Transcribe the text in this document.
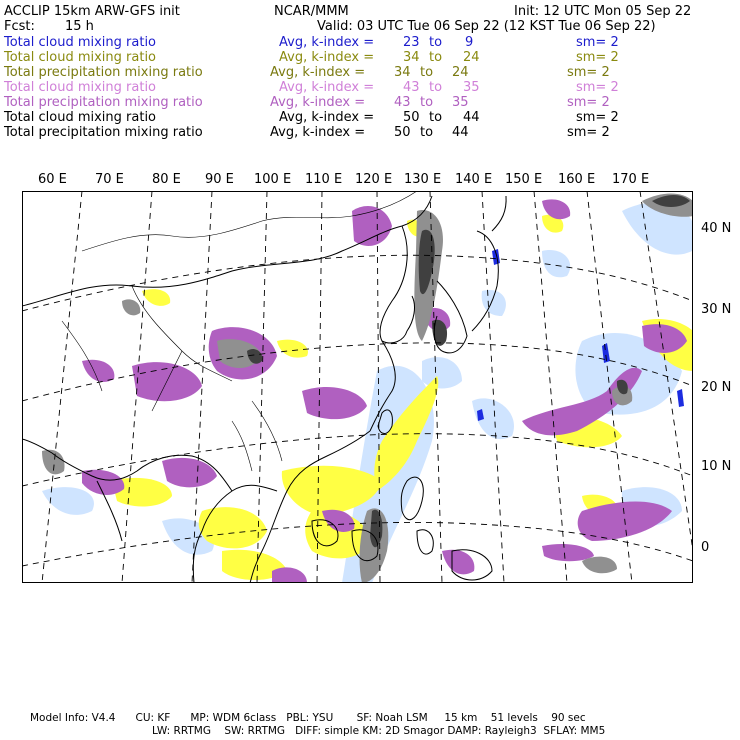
ACCLIP 15km ARW-GFS init	NCAR/MMM	Init: 12 UTC Mon 05 Sep 22
Fcst: 15 h	Valid: 03 UTC Tue 06 Sep 22 (12 KST Tue 06 Sep 22)
Total cloud mixing ratio	Avg, k-index = 23 to 9	sm= 2
Total cloud mixing ratio	Avg, k-index = 34 to 24	sm= 2
Total precipitation mixing ratio	Avg, k-index = 34 to 24	sm= 2
Total cloud mixing ratio	Avg, k-index = 43 to 35	sm= 2
Total precipitation mixing ratio	Avg, k-index = 43 to 35	sm= 2
Total cloud mixing ratio	Avg, k-index = 50 to 44	sm= 2
Total precipitation mixing ratio	Avg, k-index = 50 to 44	sm= 2
60 E 70 E 80 E 90 E 100 E 110 E 120 E 130 E 140 E 150 E 160 E 170 E
40 N
30 N
20 N
10 N
0
Model Info: V4.4      CU: KF      MP: WDM 6class   PBL: YSU       SF: Noah LSM     15 km    51 levels    90 sec
LW: RRTMG    SW: RRTMG   DIFF: simple KM: 2D Smagor DAMP: Rayleigh3  SFLAY: MM5
